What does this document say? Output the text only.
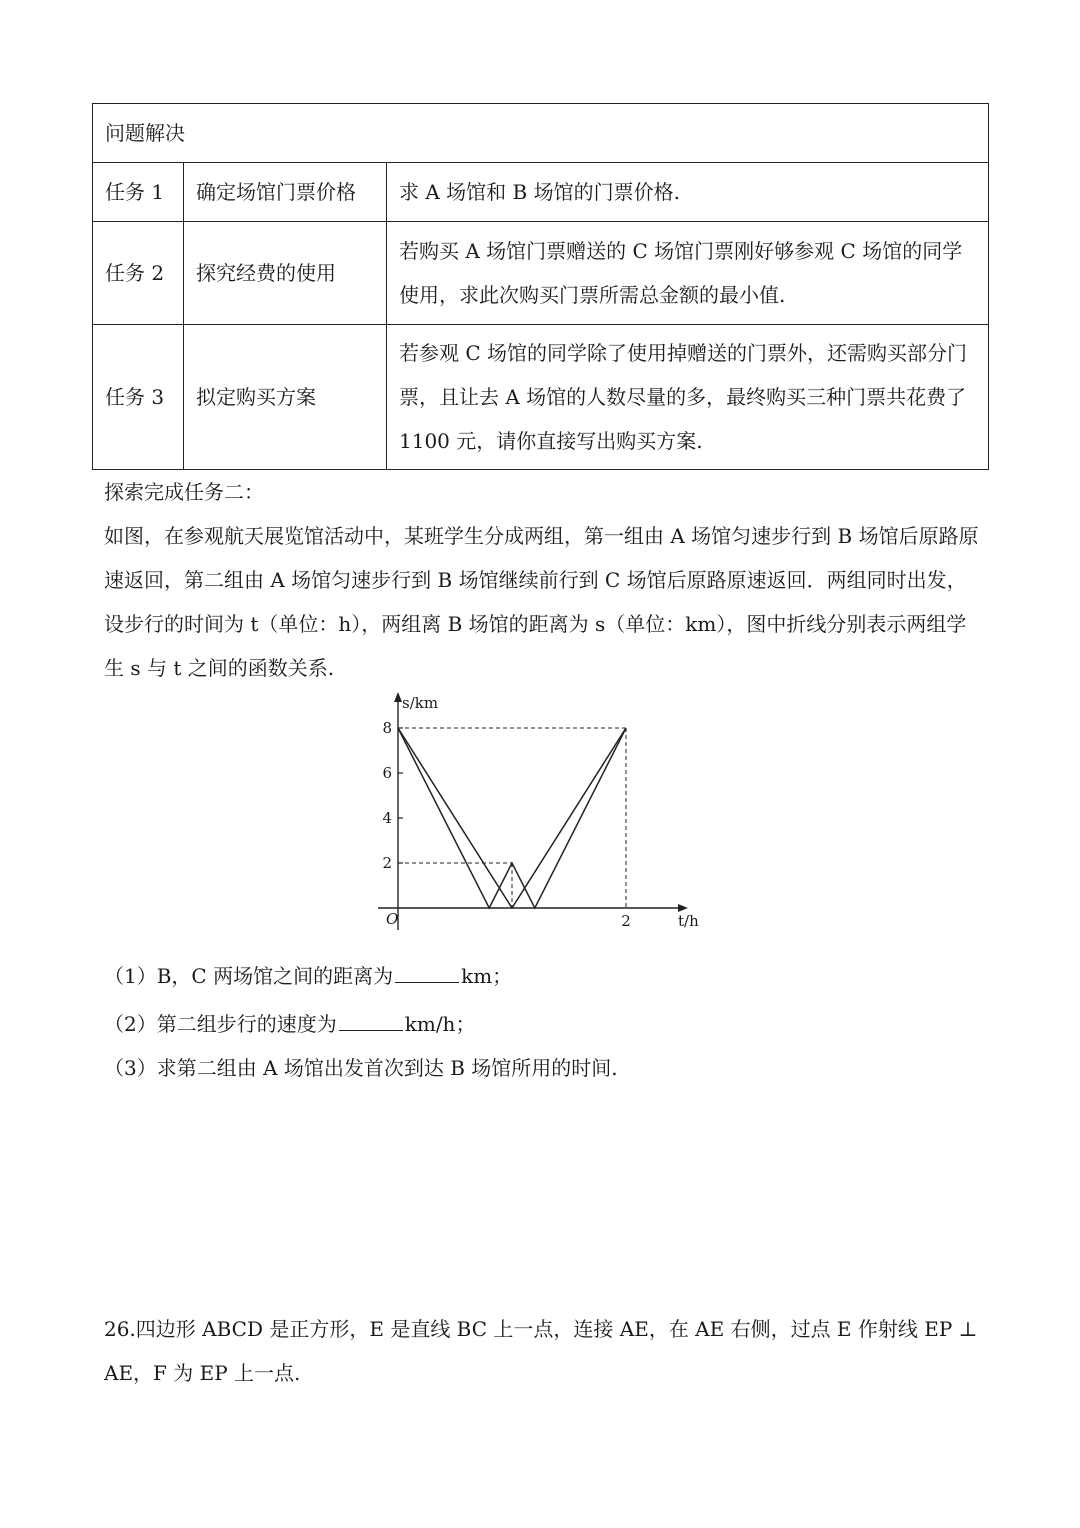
问题解决		
任务 1	确定场馆门票价格	求 A 场馆和 B 场馆的门票价格.
任务 2	探究经费的使用	若购买 A 场馆门票赠送的 C 场馆门票刚好够参观 C 场馆的同学使用，求此次购买门票所需总金额的最小值.
任务 3	拟定购买方案	若参观 C 场馆的同学除了使用掉赠送的门票外，还需购买部分门票，且让去 A 场馆的人数尽量的多，最终购买三种门票共花费了 1100 元，请你直接写出购买方案.
探索完成任务二：
如图，在参观航天展览馆活动中，某班学生分成两组，第一组由 A 场馆匀速步行到 B 场馆后原路原速返回，第二组由 A 场馆匀速步行到 B 场馆继续前行到 C 场馆后原路原速返回．两组同时出发，设步行的时间为 t（单位：h），两组离 B 场馆的距离为 s（单位：km），图中折线分别表示两组学生 s 与 t 之间的函数关系.
s/km
t/h
O
2
4
6
8
2
（1）B，C 两场馆之间的距离为	km；
（2）第二组步行的速度为	km/h；
（3）求第二组由 A 场馆出发首次到达 B 场馆所用的时间.
26.四边形 ABCD 是正方形，E 是直线 BC 上一点，连接 AE，在 AE 右侧，过点 E 作射线 EP ⊥ AE，F 为 EP 上一点.
